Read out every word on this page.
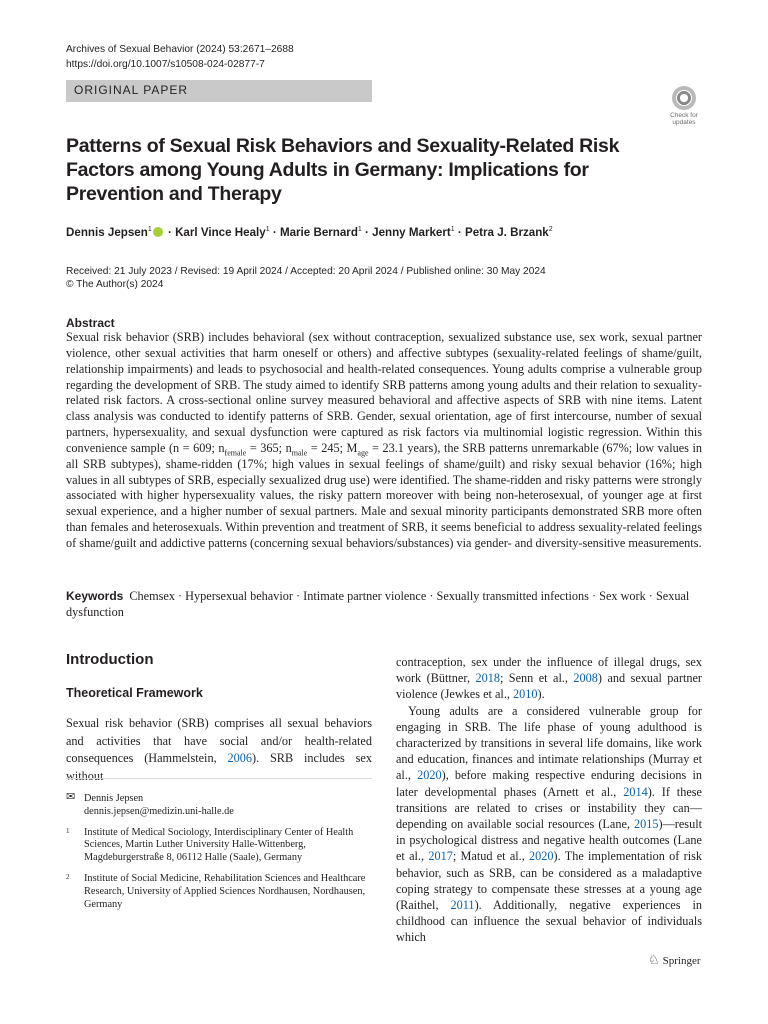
Archives of Sexual Behavior (2024) 53:2671–2688
https://doi.org/10.1007/s10508-024-02877-7
ORIGINAL PAPER
Check for
updates
Patterns of Sexual Risk Behaviors and Sexuality-Related Risk Factors among Young Adults in Germany: Implications for Prevention and Therapy
Dennis Jepsen$^1$ · Karl Vince Healy$^1$ · Marie Bernard$^1$ · Jenny Markert$^1$ · Petra J. Brzank$^2$
Received: 21 July 2023 / Revised: 19 April 2024 / Accepted: 20 April 2024 / Published online: 30 May 2024
© The Author(s) 2024
Abstract

Sexual risk behavior (SRB) includes behavioral (sex without contraception, sexualized substance use, sex work, sexual partner violence, other sexual activities that harm oneself or others) and affective subtypes (sexuality-related feelings of shame/guilt, relationship impairments) and leads to psychosocial and health-related consequences. Young adults comprise a vulnerable group regarding the development of SRB. The study aimed to identify SRB patterns among young adults and their relation to sexuality-related risk factors. A cross-sectional online survey measured behavioral and affective aspects of SRB with nine items. Latent class analysis was conducted to identify patterns of SRB. Gender, sexual orientation, age of first intercourse, number of sexual partners, hypersexuality, and sexual dysfunction were captured as risk factors via multinomial logistic regression. Within this convenience sample (n = 609; $n_{female} = 365$; $n_{male} = 245$; $M_{age} = 23.1$ years), the SRB patterns unremarkable (67%; low values in all SRB subtypes), shame-ridden (17%; high values in sexual feelings of shame/guilt) and risky sexual behavior (16%; high values in all subtypes of SRB, especially sexualized drug use) were identified. The shame-ridden and risky patterns were strongly associated with higher hypersexuality values, the risky pattern moreover with being non-heterosexual, of younger age at first sexual experience, and a higher number of sexual partners. Male and sexual minority participants demonstrated SRB more often than females and heterosexuals. Within prevention and treatment of SRB, it seems beneficial to address sexuality-related feelings of shame/guilt and addictive patterns (concerning sexual behaviors/substances) via gender- and diversity-sensitive measurements.

Keywords Chemsex · Hypersexual behavior · Intimate partner violence · Sexually transmitted infections · Sex work · Sexual dysfunction
Introduction
Theoretical Framework

Sexual risk behavior (SRB) comprises all sexual behaviors and activities that have social and/or health-related consequences (Hammelstein, 2006). SRB includes sex without

contraception, sex under the influence of illegal drugs, sex work (Büttner, 2018; Senn et al., 2008) and sexual partner violence (Jewkes et al., 2010).

Young adults are a considered vulnerable group for engaging in SRB. The life phase of young adulthood is characterized by transitions in several life domains, like work and education, finances and intimate relationships (Murray et al., 2020), before making respective enduring decisions in later developmental phases (Arnett et al., 2014). If these transitions are related to crises or instability they can—depending on available social resources (Lane, 2015)—result in psychological distress and negative health outcomes (Lane et al., 2017; Matud et al., 2020). The implementation of risk behavior, such as SRB, can be considered as a maladaptive coping strategy to compensate these stresses at a young age (Raithel, 2011). Additionally, negative experiences in childhood can influence the sexual behavior of individuals which

✉ Dennis Jepsen
dennis.jepsen@medizin.uni-halle.de
1 Institute of Medical Sociology, Interdisciplinary Center of Health Sciences, Martin Luther University Halle-Wittenberg, Magdeburgerstraße 8, 06112 Halle (Saale), Germany
2 Institute of Social Medicine, Rehabilitation Sciences and Healthcare Research, University of Applied Sciences Nordhausen, Nordhausen, Germany
♘ Springer
